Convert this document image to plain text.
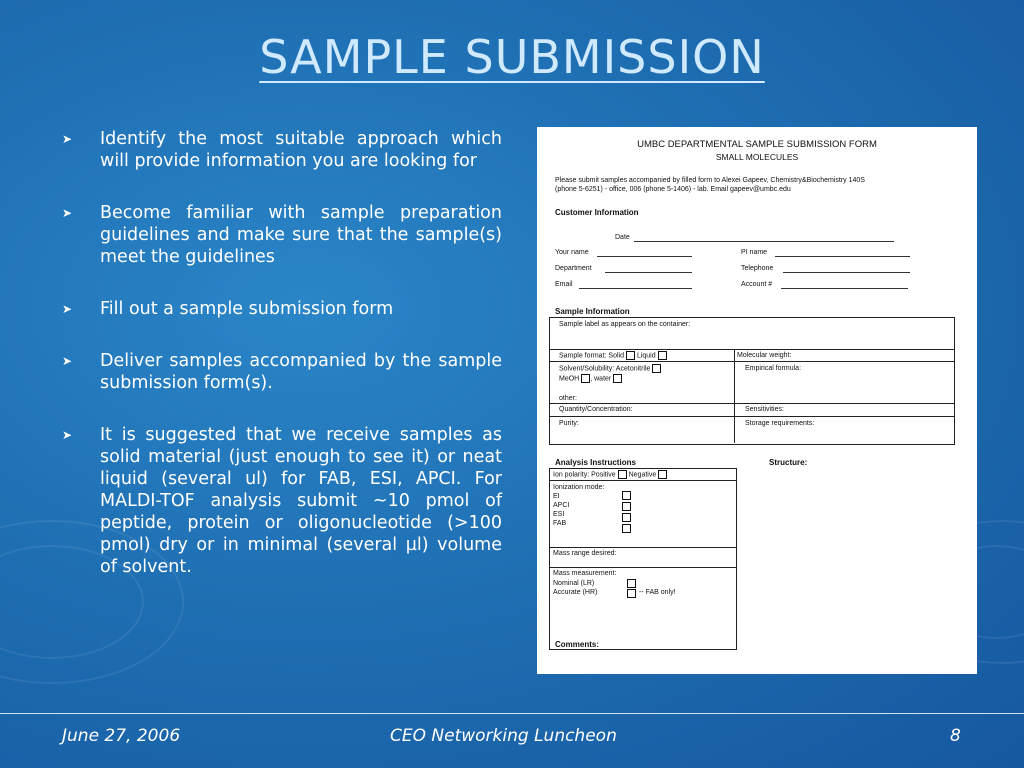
SAMPLE SUBMISSION
➤ Identify the most suitable approach which will provide information you are looking for
➤ Become familiar with sample preparation guidelines and make sure that the sample(s) meet the guidelines
➤ Fill out a sample submission form
➤ Deliver samples accompanied by the sample submission form(s).
➤ It is suggested that we receive samples as solid material (just enough to see it) or neat liquid (several ul) for FAB, ESI, APCI. For MALDI-TOF analysis submit ~10 pmol of peptide, protein or oligonucleotide (>100 pmol) dry or in minimal (several µl) volume of solvent.
UMBC DEPARTMENTAL SAMPLE SUBMISSION FORM
SMALL MOLECULES
Please submit samples accompanied by filled form to Alexei Gapeev, Chemistry&Biochemistry 140S
(phone 5-6251) - office, 006 (phone 5-1406) - lab. Email gapeev@umbc.edu
Customer Information
Date
Your name	PI name
Department	Telephone
Email	Account #
Sample Information
Sample label as appears on the container:
Sample format: Solid Liquid	Molecular weight:
Solvent/Solubility: Acetonitrile
MeOH , water
other:
Empirical formula:
Quantity/Concentration:	Sensitivities:
Purity:	Storage requirements:
Analysis Instructions	Structure:
Ion polarity: Positive Negative
Ionization mode:
EI
APCI
ESI
FAB
Mass range desired:
Mass measurement:
Nominal (LR)
Accurate (HR)	-- FAB only!
Comments:
June 27, 2006	CEO Networking Luncheon	8
